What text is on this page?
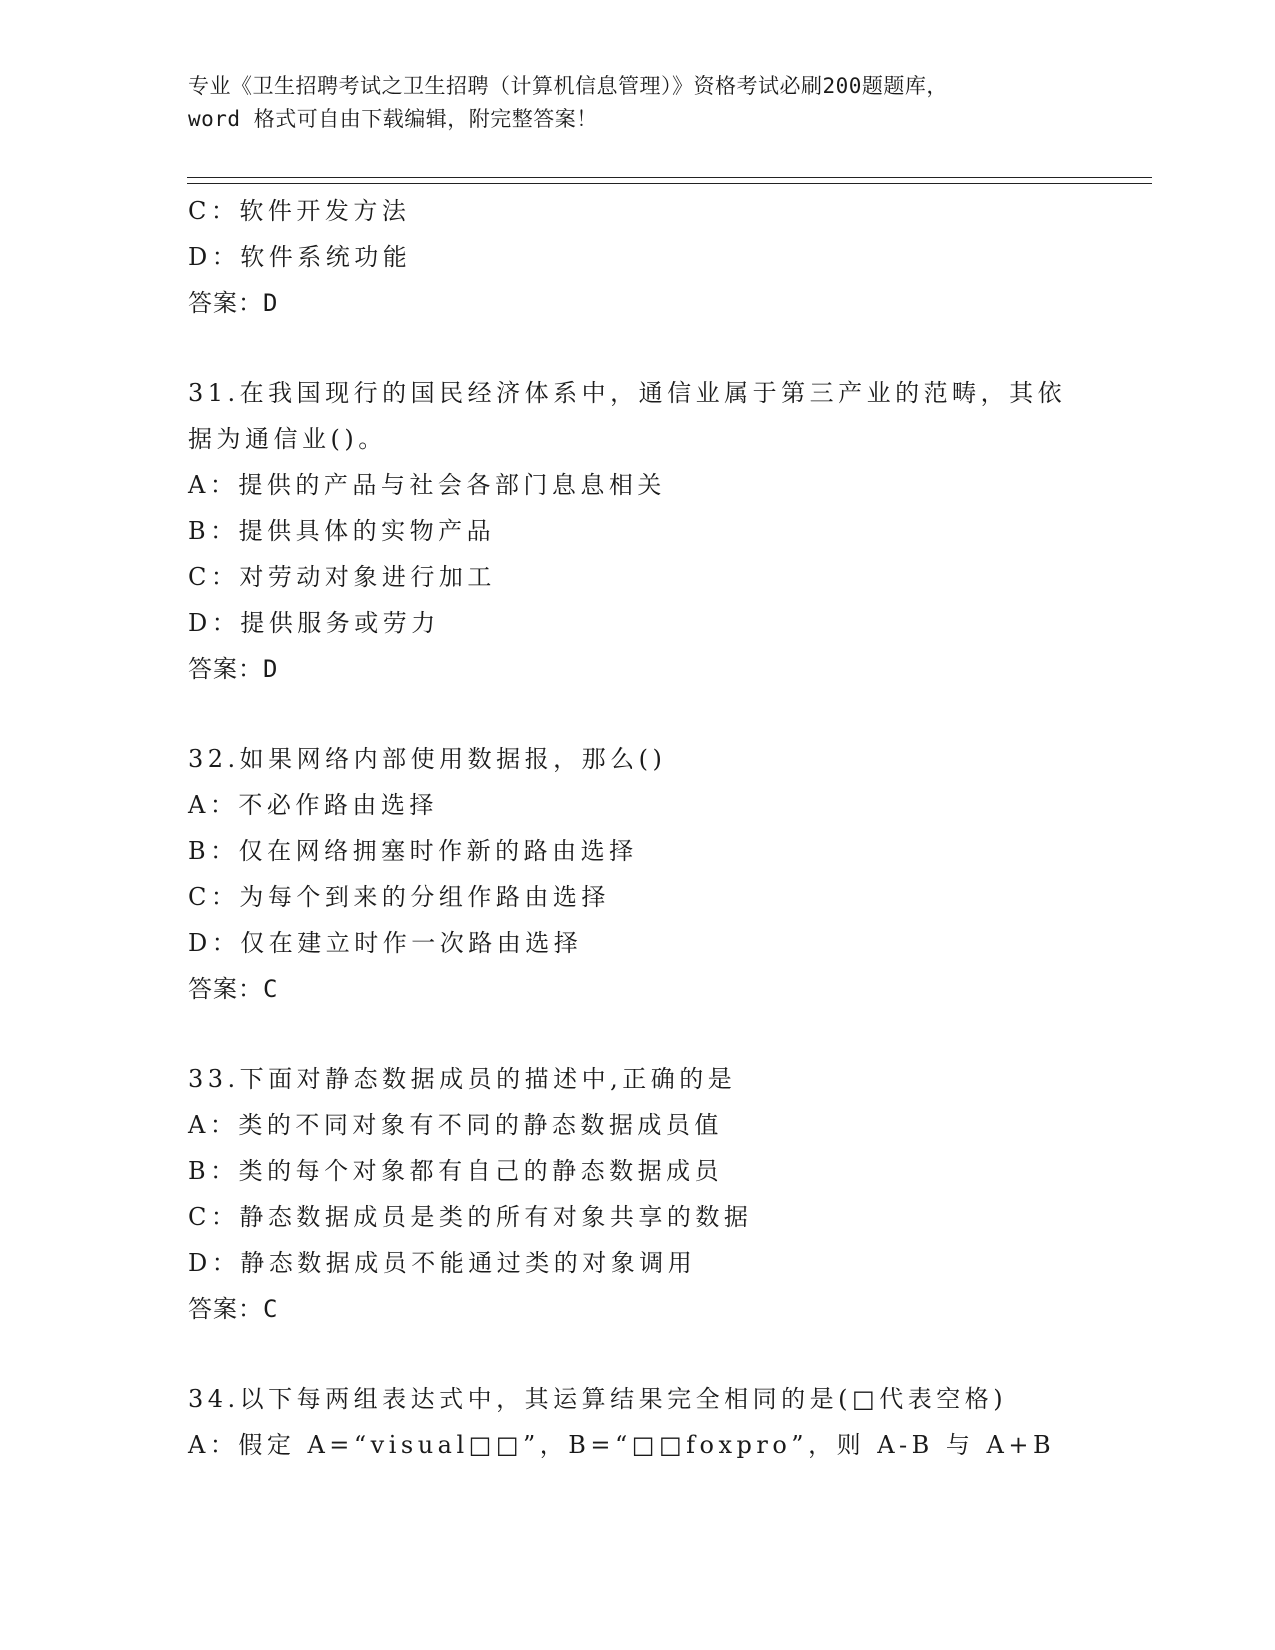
专业《卫生招聘考试之卫生招聘（计算机信息管理）》资格考试必刷200题题库，
word 格式可自由下载编辑，附完整答案！
C：软件开发方法
D：软件系统功能
答案：D
31.在我国现行的国民经济体系中，通信业属于第三产业的范畴，其依
据为通信业()。
A：提供的产品与社会各部门息息相关
B：提供具体的实物产品
C：对劳动对象进行加工
D：提供服务或劳力
答案：D
32.如果网络内部使用数据报，那么()
A：不必作路由选择
B：仅在网络拥塞时作新的路由选择
C：为每个到来的分组作路由选择
D：仅在建立时作一次路由选择
答案：C
33.下面对静态数据成员的描述中,正确的是
A：类的不同对象有不同的静态数据成员值
B：类的每个对象都有自己的静态数据成员
C：静态数据成员是类的所有对象共享的数据
D：静态数据成员不能通过类的对象调用
答案：C
34.以下每两组表达式中，其运算结果完全相同的是(□代表空格)
A：假定 A=“visual□□”，B=“□□foxpro”，则 A-B 与 A+B
